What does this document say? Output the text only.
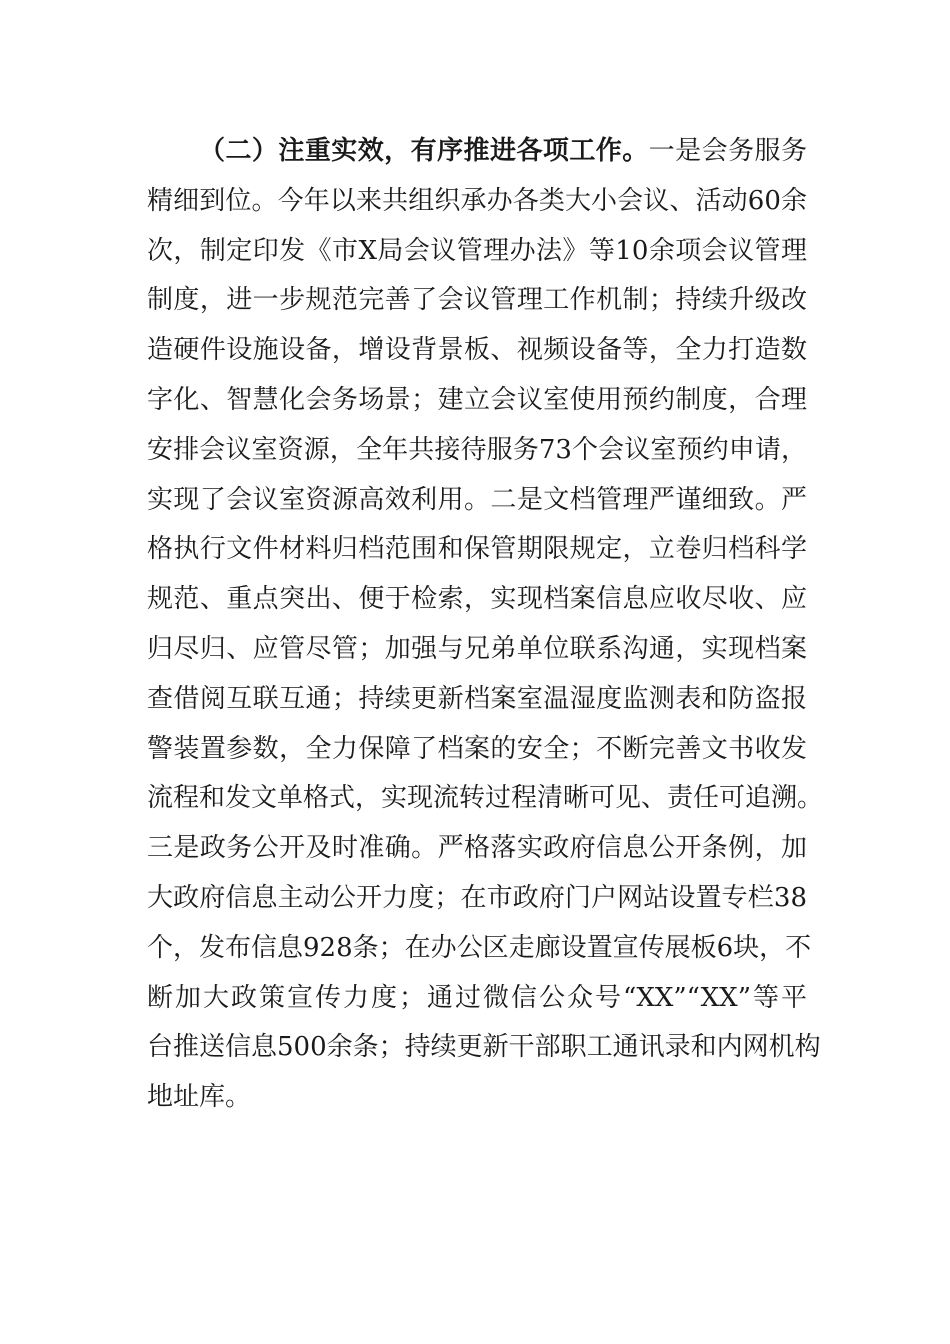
（二）注重实效，有序推进各项工作。一是会务服务
精细到位。今年以来共组织承办各类大小会议、活动60余
次，制定印发《市X局会议管理办法》等10余项会议管理
制度，进一步规范完善了会议管理工作机制；持续升级改
造硬件设施设备，增设背景板、视频设备等，全力打造数
字化、智慧化会务场景；建立会议室使用预约制度，合理
安排会议室资源，全年共接待服务73个会议室预约申请，
实现了会议室资源高效利用。二是文档管理严谨细致。严
格执行文件材料归档范围和保管期限规定，立卷归档科学
规范、重点突出、便于检索，实现档案信息应收尽收、应
归尽归、应管尽管；加强与兄弟单位联系沟通，实现档案
查借阅互联互通；持续更新档案室温湿度监测表和防盗报
警装置参数，全力保障了档案的安全；不断完善文书收发
流程和发文单格式，实现流转过程清晰可见、责任可追溯。
三是政务公开及时准确。严格落实政府信息公开条例，加
大政府信息主动公开力度；在市政府门户网站设置专栏38
个，发布信息928条；在办公区走廊设置宣传展板6块，不
断加大政策宣传力度；通过微信公众号“XX”“XX”等平
台推送信息500余条；持续更新干部职工通讯录和内网机构
地址库。
